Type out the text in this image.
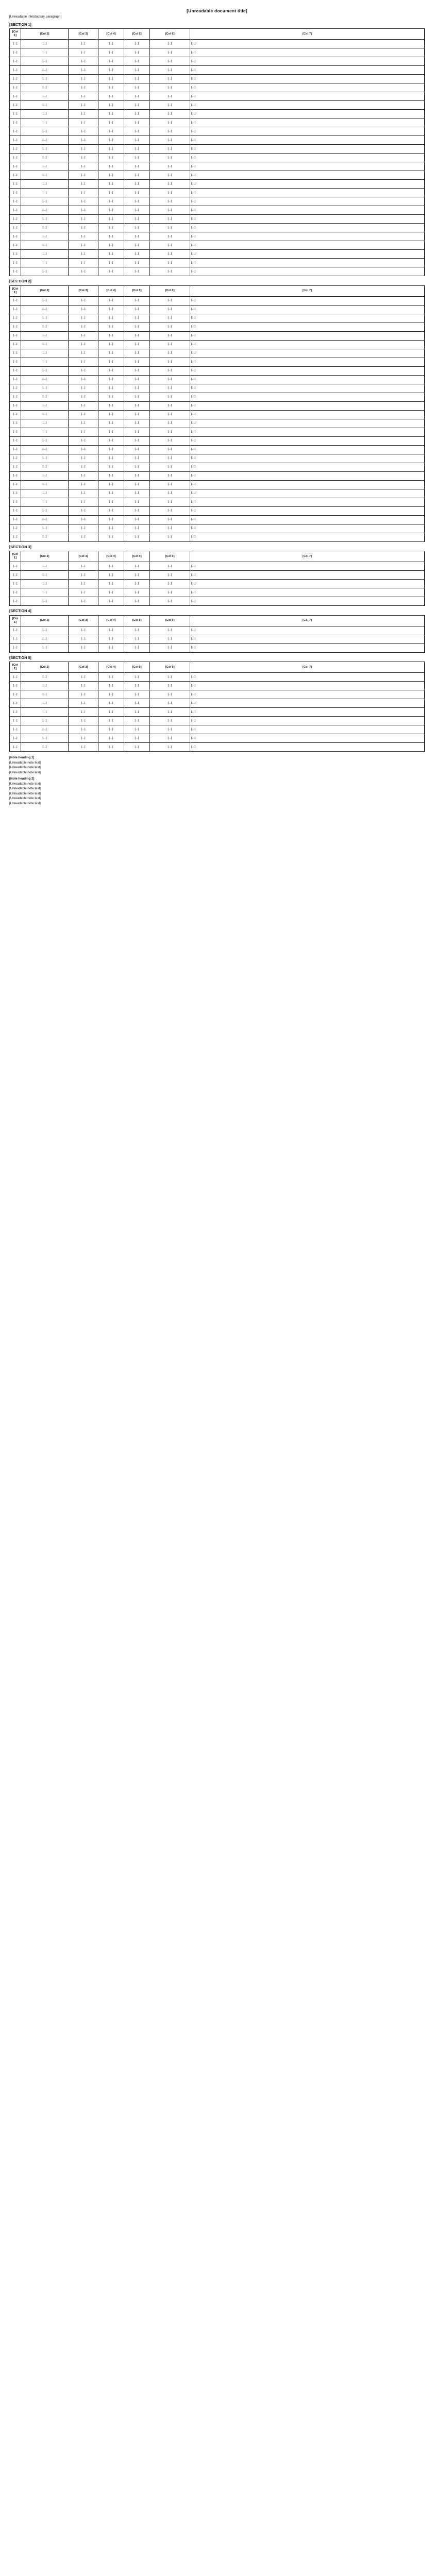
[Unreadable document title]
[Unreadable introductory paragraph]
[SECTION 1]
[Col 1]	[Col 2]	[Col 3]	[Col 4]	[Col 5]	[Col 6]	[Col 7]
[...]	[...]	[...]	[...]	[...]	[...]	[...]
[...]	[...]	[...]	[...]	[...]	[...]	[...]
[...]	[...]	[...]	[...]	[...]	[...]	[...]
[...]	[...]	[...]	[...]	[...]	[...]	[...]
[...]	[...]	[...]	[...]	[...]	[...]	[...]
[...]	[...]	[...]	[...]	[...]	[...]	[...]
[...]	[...]	[...]	[...]	[...]	[...]	[...]
[...]	[...]	[...]	[...]	[...]	[...]	[...]
[...]	[...]	[...]	[...]	[...]	[...]	[...]
[...]	[...]	[...]	[...]	[...]	[...]	[...]
[...]	[...]	[...]	[...]	[...]	[...]	[...]
[...]	[...]	[...]	[...]	[...]	[...]	[...]
[...]	[...]	[...]	[...]	[...]	[...]	[...]
[...]	[...]	[...]	[...]	[...]	[...]	[...]
[...]	[...]	[...]	[...]	[...]	[...]	[...]
[...]	[...]	[...]	[...]	[...]	[...]	[...]
[...]	[...]	[...]	[...]	[...]	[...]	[...]
[...]	[...]	[...]	[...]	[...]	[...]	[...]
[...]	[...]	[...]	[...]	[...]	[...]	[...]
[...]	[...]	[...]	[...]	[...]	[...]	[...]
[...]	[...]	[...]	[...]	[...]	[...]	[...]
[...]	[...]	[...]	[...]	[...]	[...]	[...]
[...]	[...]	[...]	[...]	[...]	[...]	[...]
[...]	[...]	[...]	[...]	[...]	[...]	[...]
[...]	[...]	[...]	[...]	[...]	[...]	[...]
[...]	[...]	[...]	[...]	[...]	[...]	[...]
[...]	[...]	[...]	[...]	[...]	[...]	[...]
[SECTION 2]
[Col 1]	[Col 2]	[Col 3]	[Col 4]	[Col 5]	[Col 6]	[Col 7]
[...]	[...]	[...]	[...]	[...]	[...]	[...]
[...]	[...]	[...]	[...]	[...]	[...]	[...]
[...]	[...]	[...]	[...]	[...]	[...]	[...]
[...]	[...]	[...]	[...]	[...]	[...]	[...]
[...]	[...]	[...]	[...]	[...]	[...]	[...]
[...]	[...]	[...]	[...]	[...]	[...]	[...]
[...]	[...]	[...]	[...]	[...]	[...]	[...]
[...]	[...]	[...]	[...]	[...]	[...]	[...]
[...]	[...]	[...]	[...]	[...]	[...]	[...]
[...]	[...]	[...]	[...]	[...]	[...]	[...]
[...]	[...]	[...]	[...]	[...]	[...]	[...]
[...]	[...]	[...]	[...]	[...]	[...]	[...]
[...]	[...]	[...]	[...]	[...]	[...]	[...]
[...]	[...]	[...]	[...]	[...]	[...]	[...]
[...]	[...]	[...]	[...]	[...]	[...]	[...]
[...]	[...]	[...]	[...]	[...]	[...]	[...]
[...]	[...]	[...]	[...]	[...]	[...]	[...]
[...]	[...]	[...]	[...]	[...]	[...]	[...]
[...]	[...]	[...]	[...]	[...]	[...]	[...]
[...]	[...]	[...]	[...]	[...]	[...]	[...]
[...]	[...]	[...]	[...]	[...]	[...]	[...]
[...]	[...]	[...]	[...]	[...]	[...]	[...]
[...]	[...]	[...]	[...]	[...]	[...]	[...]
[...]	[...]	[...]	[...]	[...]	[...]	[...]
[...]	[...]	[...]	[...]	[...]	[...]	[...]
[...]	[...]	[...]	[...]	[...]	[...]	[...]
[...]	[...]	[...]	[...]	[...]	[...]	[...]
[...]	[...]	[...]	[...]	[...]	[...]	[...]
[SECTION 3]
[Col 1]	[Col 2]	[Col 3]	[Col 4]	[Col 5]	[Col 6]	[Col 7]
[...]	[...]	[...]	[...]	[...]	[...]	[...]
[...]	[...]	[...]	[...]	[...]	[...]	[...]
[...]	[...]	[...]	[...]	[...]	[...]	[...]
[...]	[...]	[...]	[...]	[...]	[...]	[...]
[...]	[...]	[...]	[...]	[...]	[...]	[...]
[SECTION 4]
[Col 1]	[Col 2]	[Col 3]	[Col 4]	[Col 5]	[Col 6]	[Col 7]
[...]	[...]	[...]	[...]	[...]	[...]	[...]
[...]	[...]	[...]	[...]	[...]	[...]	[...]
[...]	[...]	[...]	[...]	[...]	[...]	[...]
[SECTION 5]
[Col 1]	[Col 2]	[Col 3]	[Col 4]	[Col 5]	[Col 6]	[Col 7]
[...]	[...]	[...]	[...]	[...]	[...]	[...]
[...]	[...]	[...]	[...]	[...]	[...]	[...]
[...]	[...]	[...]	[...]	[...]	[...]	[...]
[...]	[...]	[...]	[...]	[...]	[...]	[...]
[...]	[...]	[...]	[...]	[...]	[...]	[...]
[...]	[...]	[...]	[...]	[...]	[...]	[...]
[...]	[...]	[...]	[...]	[...]	[...]	[...]
[...]	[...]	[...]	[...]	[...]	[...]	[...]
[...]	[...]	[...]	[...]	[...]	[...]	[...]
[Note heading 1]

[Unreadable note text]

[Unreadable note text]

[Unreadable note text]

[Note heading 2]

[Unreadable note text]

[Unreadable note text]

[Unreadable note text]

[Unreadable note text]

[Unreadable note text]
